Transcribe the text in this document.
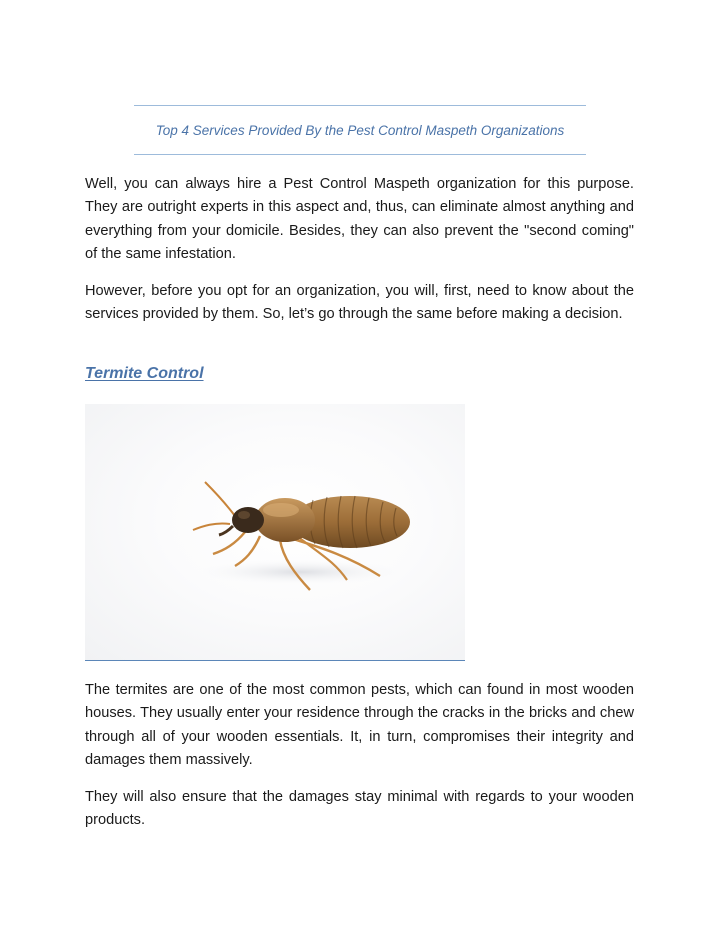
Top 4 Services Provided By the Pest Control Maspeth Organizations

Well, you can always hire a Pest Control Maspeth organization for this purpose. They are outright experts in this aspect and, thus, can eliminate almost anything and everything from your domicile. Besides, they can also prevent the "second coming" of the same infestation.

However, before you opt for an organization, you will, first, need to know about the services provided by them. So, let’s go through the same before making a decision.

Termite Control

The termites are one of the most common pests, which can found in most wooden houses. They usually enter your residence through the cracks in the bricks and chew through all of your wooden essentials. It, in turn, compromises their integrity and damages them massively.

They will also ensure that the damages stay minimal with regards to your wooden products.
